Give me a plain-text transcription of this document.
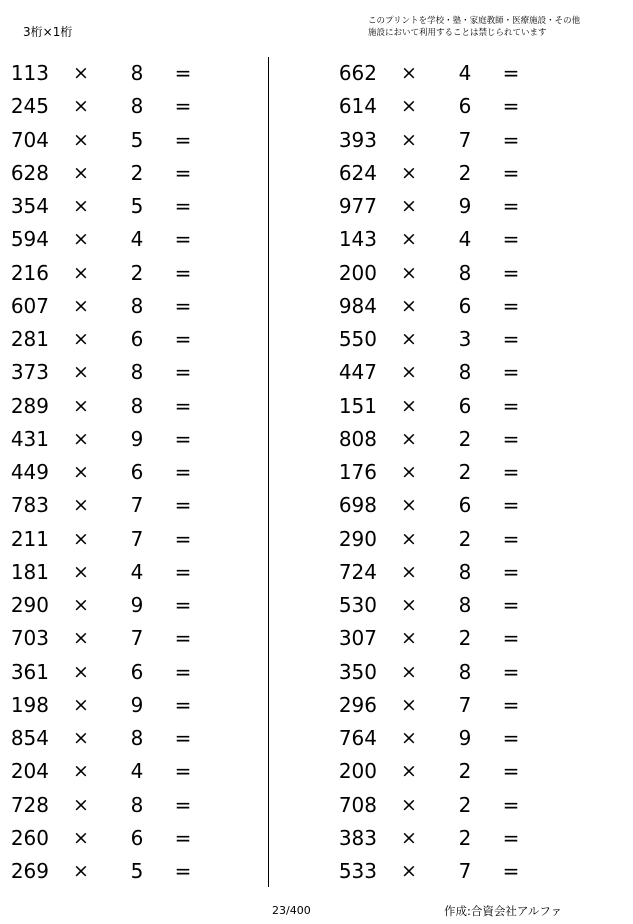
3桁×1桁
このプリントを学校・塾・家庭教師・医療施設・その他
施設において利用することは禁じられています
113 × 8 =
245 × 8 =
704 × 5 =
628 × 2 =
354 × 5 =
594 × 4 =
216 × 2 =
607 × 8 =
281 × 6 =
373 × 8 =
289 × 8 =
431 × 9 =
449 × 6 =
783 × 7 =
211 × 7 =
181 × 4 =
290 × 9 =
703 × 7 =
361 × 6 =
198 × 9 =
854 × 8 =
204 × 4 =
728 × 8 =
260 × 6 =
269 × 5 =
662 × 4 =
614 × 6 =
393 × 7 =
624 × 2 =
977 × 9 =
143 × 4 =
200 × 8 =
984 × 6 =
550 × 3 =
447 × 8 =
151 × 6 =
808 × 2 =
176 × 2 =
698 × 6 =
290 × 2 =
724 × 8 =
530 × 8 =
307 × 2 =
350 × 8 =
296 × 7 =
764 × 9 =
200 × 2 =
708 × 2 =
383 × 2 =
533 × 7 =
23/400	作成:合資会社アルファ
